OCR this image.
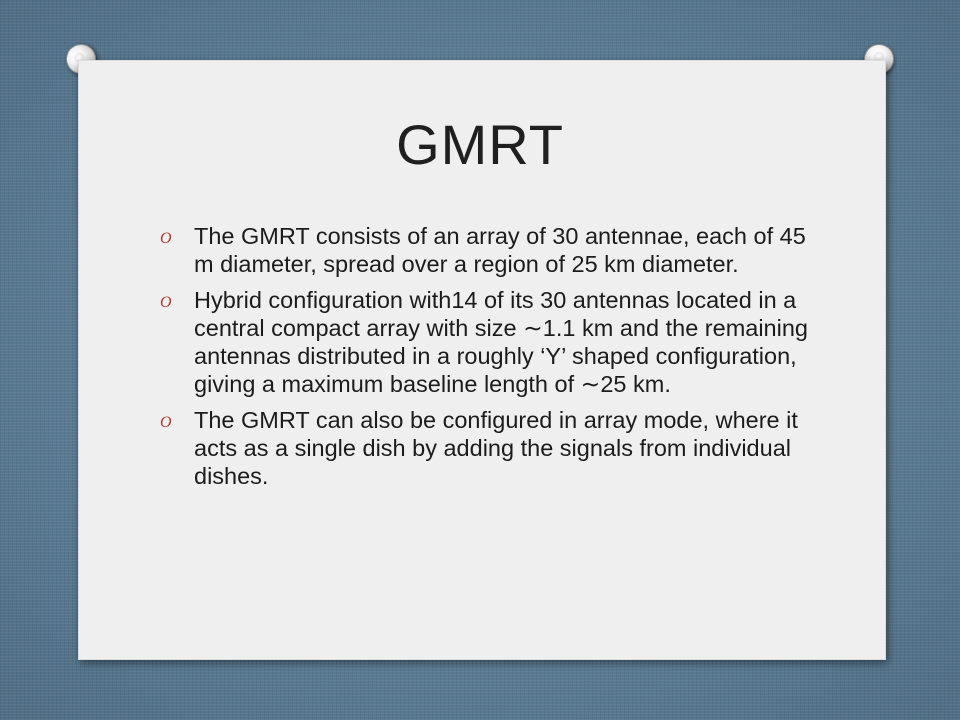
GMRT
O The GMRT consists of an array of 30 antennae, each of 45 m diameter, spread over a region of 25 km diameter.
O Hybrid configuration with14 of its 30 antennas located in a central compact array with size ∼1.1 km and the remaining antennas distributed in a roughly ‘Y’ shaped configuration, giving a maximum baseline length of ∼25 km.
O The GMRT can also be configured in array mode, where it acts as a single dish by adding the signals from individual dishes.
